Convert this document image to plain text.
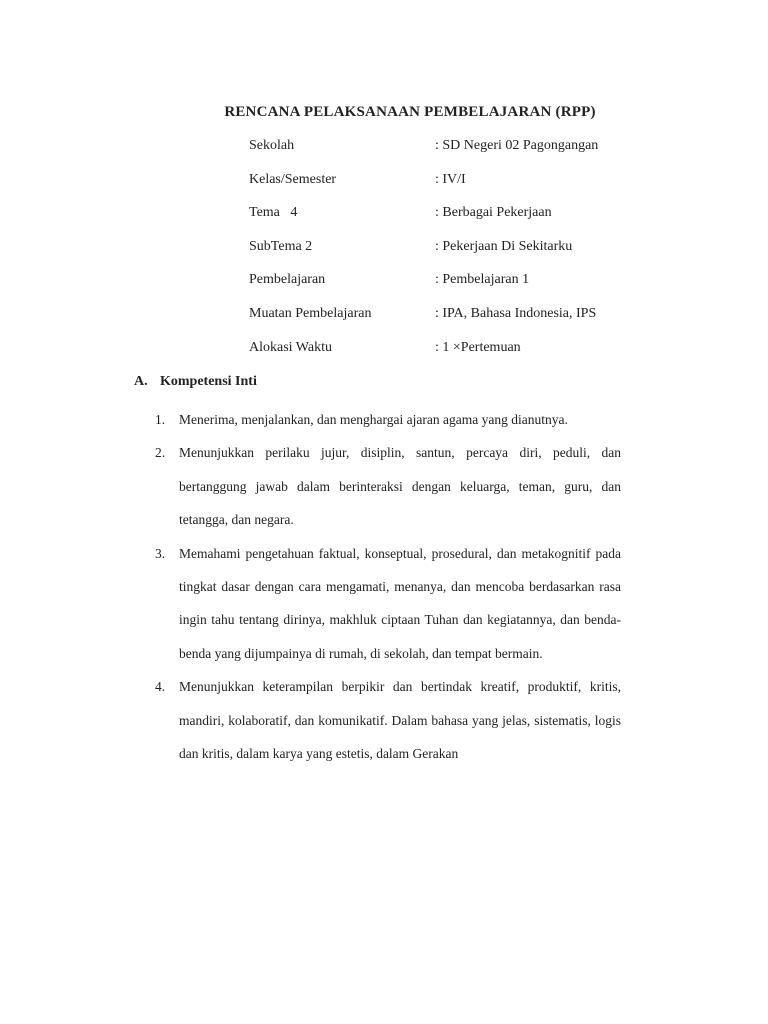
RENCANA PELAKSANAAN PEMBELAJARAN (RPP)
Sekolah	: SD Negeri 02 Pagongangan
Kelas/Semester	: IV/I
Tema   4	: Berbagai Pekerjaan
SubTema 2	: Pekerjaan Di Sekitarku
Pembelajaran	: Pembelajaran 1
Muatan Pembelajaran	: IPA, Bahasa Indonesia, IPS
Alokasi Waktu	: 1 ×Pertemuan
A. Kompetensi Inti
1.	Menerima, menjalankan, dan menghargai ajaran agama yang dianutnya.
2.	Menunjukkan perilaku jujur, disiplin, santun, percaya diri, peduli, dan bertanggung jawab dalam berinteraksi dengan keluarga, teman, guru, dan tetangga, dan negara.
3.	Memahami pengetahuan faktual, konseptual, prosedural, dan metakognitif pada tingkat dasar dengan cara mengamati, menanya, dan mencoba berdasarkan rasa ingin tahu tentang dirinya, makhluk ciptaan Tuhan dan kegiatannya, dan benda-benda yang dijumpainya di rumah, di sekolah, dan tempat bermain.
4.	Menunjukkan keterampilan berpikir dan bertindak kreatif, produktif, kritis, mandiri, kolaboratif, dan komunikatif. Dalam bahasa yang jelas, sistematis, logis dan kritis, dalam karya yang estetis, dalam Gerakan
